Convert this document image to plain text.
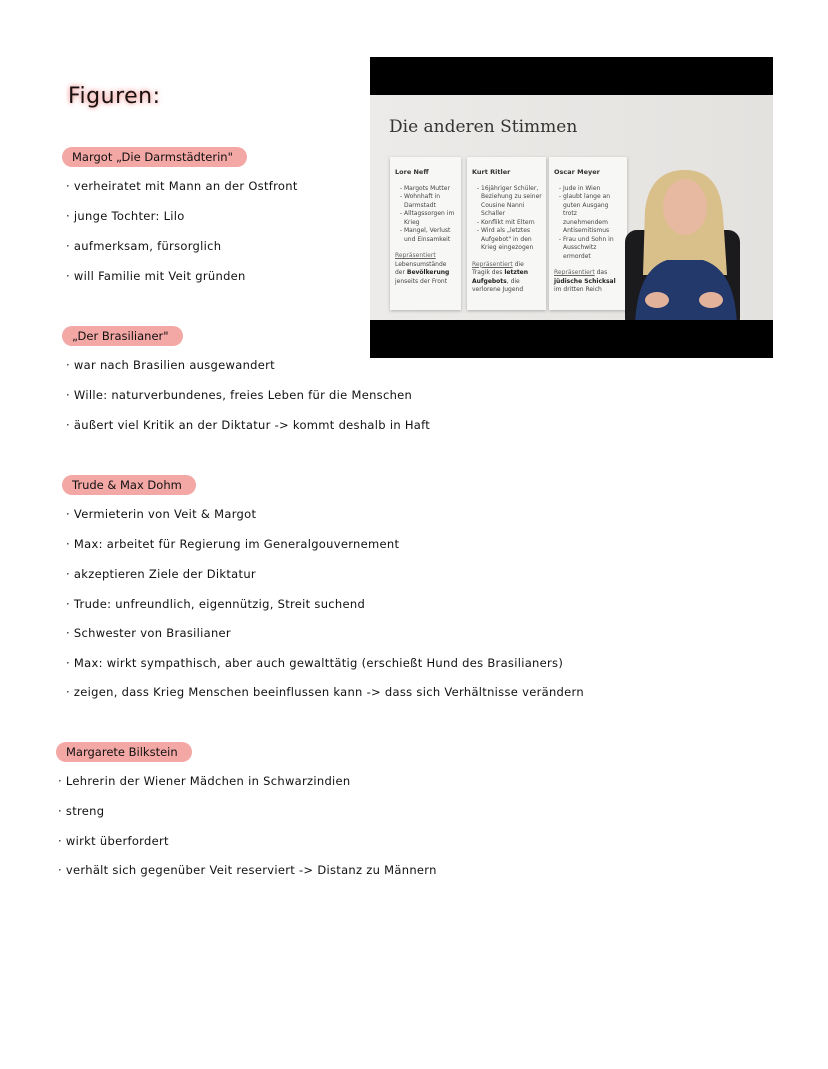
Figuren:
Margot „Die Darmstädterin"
· verheiratet mit Mann an der Ostfront
· junge Tochter: Lilo
· aufmerksam, fürsorglich
· will Familie mit Veit gründen
„Der Brasilianer"
· war nach Brasilien ausgewandert
· Wille: naturverbundenes, freies Leben für die Menschen
· äußert viel Kritik an der Diktatur -> kommt deshalb in Haft
Trude & Max Dohm
· Vermieterin von Veit & Margot
· Max: arbeitet für Regierung im Generalgouvernement
· akzeptieren Ziele der Diktatur
· Trude: unfreundlich, eigennützig, Streit suchend
· Schwester von Brasilianer
· Max: wirkt sympathisch, aber auch gewalttätig (erschießt Hund des Brasilianers)
· zeigen, dass Krieg Menschen beeinflussen kann -> dass sich Verhältnisse verändern
Margarete Bilkstein
· Lehrerin der Wiener Mädchen in Schwarzindien
· streng
· wirkt überfordert
· verhält sich gegenüber Veit reserviert -> Distanz zu Männern
Die anderen Stimmen
Lore Neff
- Margots Mutter
- Wohnhaft in Darmstadt
- Alltagssorgen im Krieg
- Mangel, Verlust und Einsamkeit
Repräsentiert Lebensumstände der Bevölkerung jenseits der Front
Kurt Ritler
- 16jähriger Schüler, Beziehung zu seiner Cousine Nanni Schaller
- Konflikt mit Eltern
- Wird als „letztes Aufgebot" in den Krieg eingezogen
Repräsentiert die Tragik des letzten Aufgebots, die verlorene Jugend
Oscar Meyer
- Jude in Wien
- glaubt lange an guten Ausgang trotz zunehmendem Antisemitismus
- Frau und Sohn in Ausschwitz ermordet
Repräsentiert das jüdische Schicksal im dritten Reich
